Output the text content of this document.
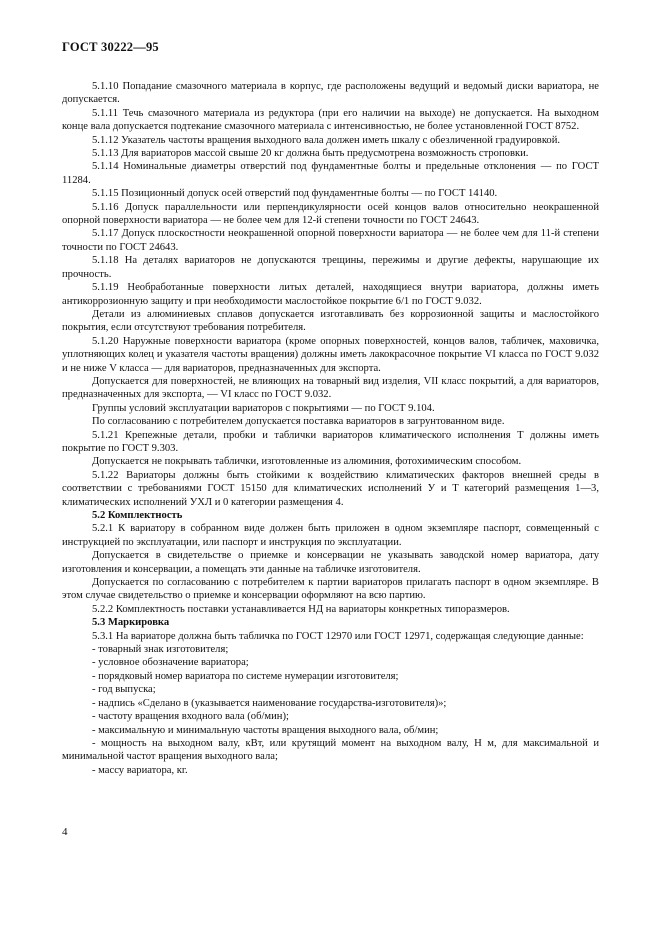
ГОСТ 30222—95

5.1.10 Попадание смазочного материала в корпус, где расположены ведущий и ведомый диски вариатора, не допускается.

5.1.11 Течь смазочного материала из редуктора (при его наличии на выходе) не допускается. На выходном конце вала допускается подтекание смазочного материала с интенсивностью, не более установленной ГОСТ 8752.

5.1.12 Указатель частоты вращения выходного вала должен иметь шкалу с обезличенной градуировкой.

5.1.13 Для вариаторов массой свыше 20 кг должна быть предусмотрена возможность строповки.

5.1.14 Номинальные диаметры отверстий под фундаментные болты и предельные отклонения — по ГОСТ 11284.

5.1.15 Позиционный допуск осей отверстий под фундаментные болты — по ГОСТ 14140.

5.1.16 Допуск параллельности или перпендикулярности осей концов валов относительно неокрашенной опорной поверхности вариатора — не более чем для 12-й степени точности по ГОСТ 24643.

5.1.17 Допуск плоскостности неокрашенной опорной поверхности вариатора — не более чем для 11-й степени точности по ГОСТ 24643.

5.1.18 На деталях вариаторов не допускаются трещины, пережимы и другие дефекты, нарушающие их прочность.

5.1.19 Необработанные поверхности литых деталей, находящиеся внутри вариатора, должны иметь антикоррозионную защиту и при необходимости маслостойкое покрытие 6/1 по ГОСТ 9.032.

Детали из алюминиевых сплавов допускается изготавливать без коррозионной защиты и маслостойкого покрытия, если отсутствуют требования потребителя.

5.1.20 Наружные поверхности вариатора (кроме опорных поверхностей, концов валов, табличек, маховичка, уплотняющих колец и указателя частоты вращения) должны иметь лакокрасочное покрытие VI класса по ГОСТ 9.032 и не ниже V класса — для вариаторов, предназначенных для экспорта.

Допускается для поверхностей, не влияющих на товарный вид изделия, VII класс покрытий, а для вариаторов, предназначенных для экспорта, — VI класс по ГОСТ 9.032.

Группы условий эксплуатации вариаторов с покрытиями — по ГОСТ 9.104.

По согласованию с потребителем допускается поставка вариаторов в загрунтованном виде.

5.1.21 Крепежные детали, пробки и таблички вариаторов климатического исполнения Т должны иметь покрытие по ГОСТ 9.303.

Допускается не покрывать таблички, изготовленные из алюминия, фотохимическим способом.

5.1.22 Вариаторы должны быть стойкими к воздействию климатических факторов внешней среды в соответствии с требованиями ГОСТ 15150 для климатических исполнений У и Т категорий размещения 1—3, климатических исполнений УХЛ и 0 категории размещения 4.

5.2 Комплектность

5.2.1 К вариатору в собранном виде должен быть приложен в одном экземпляре паспорт, совмещенный с инструкцией по эксплуатации, или паспорт и инструкция по эксплуатации.

Допускается в свидетельстве о приемке и консервации не указывать заводской номер вариатора, дату изготовления и консервации, а помещать эти данные на табличке изготовителя.

Допускается по согласованию с потребителем к партии вариаторов прилагать паспорт в одном экземпляре. В этом случае свидетельство о приемке и консервации оформляют на всю партию.

5.2.2 Комплектность поставки устанавливается НД на вариаторы конкретных типоразмеров.

5.3 Маркировка

5.3.1 На вариаторе должна быть табличка по ГОСТ 12970 или ГОСТ 12971, содержащая следующие данные:

- товарный знак изготовителя;

- условное обозначение вариатора;

- порядковый номер вариатора по системе нумерации изготовителя;

- год выпуска;

- надпись «Сделано в (указывается наименование государства-изготовителя)»;

- частоту вращения входного вала (об/мин);

- максимальную и минимальную частоты вращения выходного вала, об/мин;

- мощность на выходном валу, кВт, или крутящий момент на выходном валу, Н м, для максимальной и минимальной частот вращения выходного вала;

- массу вариатора, кг.

4
